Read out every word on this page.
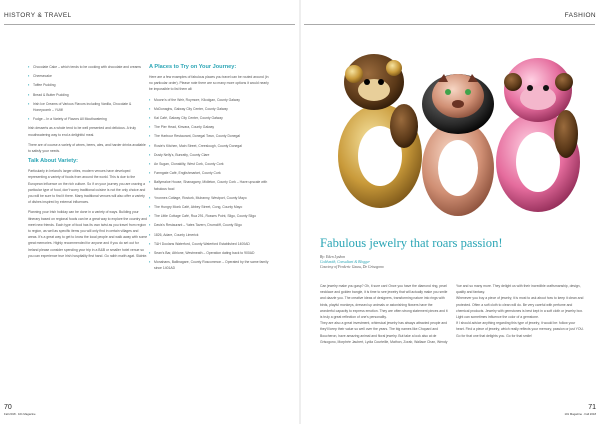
HISTORY & TRAVEL
▪ Chocolate Cake – which tends to be cooking with chocolate and creams
▪ Cheesecake
▪ Toffee Pudding
▪ Bread & Butter Pudding
▪ Irish Ice Creams of Various Flavors including Vanilla, Chocolate & Honeycomb – YUM!
▪ Fudge – In a Variety of Flavors All Mouthwatering

Irish desserts as a whole tend to be well presented and delicious. A truly mouthwatering way to end a delightful meal.

There are of course a variety of wines, beers, ales, and harder drinks available to satisfy your needs.

Talk About Variety:

Particularly in Ireland's larger cities, modern venues have developed representing a variety of foods from around the world. This is due to the European influence on the rich culture. So if on your journey you are craving a particular type of food, don't worry traditional cuisine is not the only choice and you will be sure to find it there. Many traditional venues will also offer a variety of dishes inspired by external influences.

Planning your Irish holiday can be done in a variety of ways. Building your itinerary based on regional foods can be a great way to explore the country and meet new friends. Each type of food has its own twist as you travel from region to region, as well as specific items you will only find in certain villages and areas. It's a great way to get to know the local people and walk away with some great memories. Highly recommended for anyone and if you do set out for Ireland please consider spending your trip in a B&B or smaller hotel venue so you can experience true Irish hospitality first hand. Go raibh maith agat. Sláinte.

A Places to Try on Your Journey:

Here are a few examples of fabulous places you travel can be routed around (in no particular order). Please note there are so many more options it would nearly be impossible to list them all:

▪ Moonn's of the Weir, Roymore, Kilcolgan, County Galway
▪ McDonaghs, Galway City Center, County Galway
▪ Kai Café, Galway City Center, County Galway
▪ The Pier Head, Kinvara, County Galway
▪ The Harbour Restaurant, Donegal Town, County Donegal
▪ Rosie's Kitchen, Main Street, Creeslough, County Donegal
▪ Dusty Nelly's, Bunratty, County Clare
▪ An Sugan, Clonakilty, West Cork, County Cork
▪ Farmgate Café, Englishmarket, County Cork
▪ Ballymaloe House, Shanagarry, Midleton, County Cork – Have upscale with fabulous food
▪ Ynonnes Cottage, Rosturk, Mulranny, Westport, County Mayo
▪ The Hungry Monk Café, Abbey Street, Cong, County Mayo
▪ The Little Cottage Café, Rua 291, Rosses Point, Sligo, County Sligo
▪ Davis's Restaurant – Yates Tavern, Drumcliff, County Sligo
▪ 1826, Adare, County Limerick
▪ T&H Doolans Waterford, County Waterford Established 1400AD
▪ Sean's Bar, Athlone, Westmeath – Operation dating back to 900AD
▪ Monahans, Ballinagare, County Roscommon – Operated by the same family since 1401AD
70
Fall 2018 · 101 Magazine
FASHION
Fabulous jewelry that roars passion!
By: Eden Lyshon
Goldsmith, Consultant & Blogger
Courtesy of Frederic Gauss, De Grisogono
Can jewelry make you gasp? Oh, it sure can! Once you have the diamond ring, pearl necklace and golden bangle, it is time to see jewelry that will actually make you smile and dazzle you. The creative ideas of designers, transforming nature into rings with birds, playful monkeys, dressed up animals or astonishing flowers have the wonderful capacity to express emotion. They are often strong statement pieces and it is truly a great reflection of one's personality.
They are also a great investment, whimsical jewelry has always attracted people and they'll keep their value so well over the years. The big names like Chopard and Boucheron, have amazing animal and floral jewelry. But take a look also at de Grisogono, Morphée Jaubert, Lydia Courteille, Mathon, Zorab, Wallace Chan, Wendy
Yue and so many more. They delight us with their incredible craftsmanship, design, quality and fantasy.
Whenever you buy a piece of jewelry, it is most to ask about how to keep it clean and protected. Often a soft cloth to clean will do. Be very careful with perfume and chemical products. Jewelry with gemstones is best kept in a soft cloth or jewelry box. Light can sometimes influence the color of a gemstone.
If I should advice anything regarding this type of jewelry, it would be: follow your heart. Find a piece of jewelry, which really reflects your memory, passion or just YOU. Go for that one that delights you. Go for that smile!
71
101 Magazine · Fall 2018
